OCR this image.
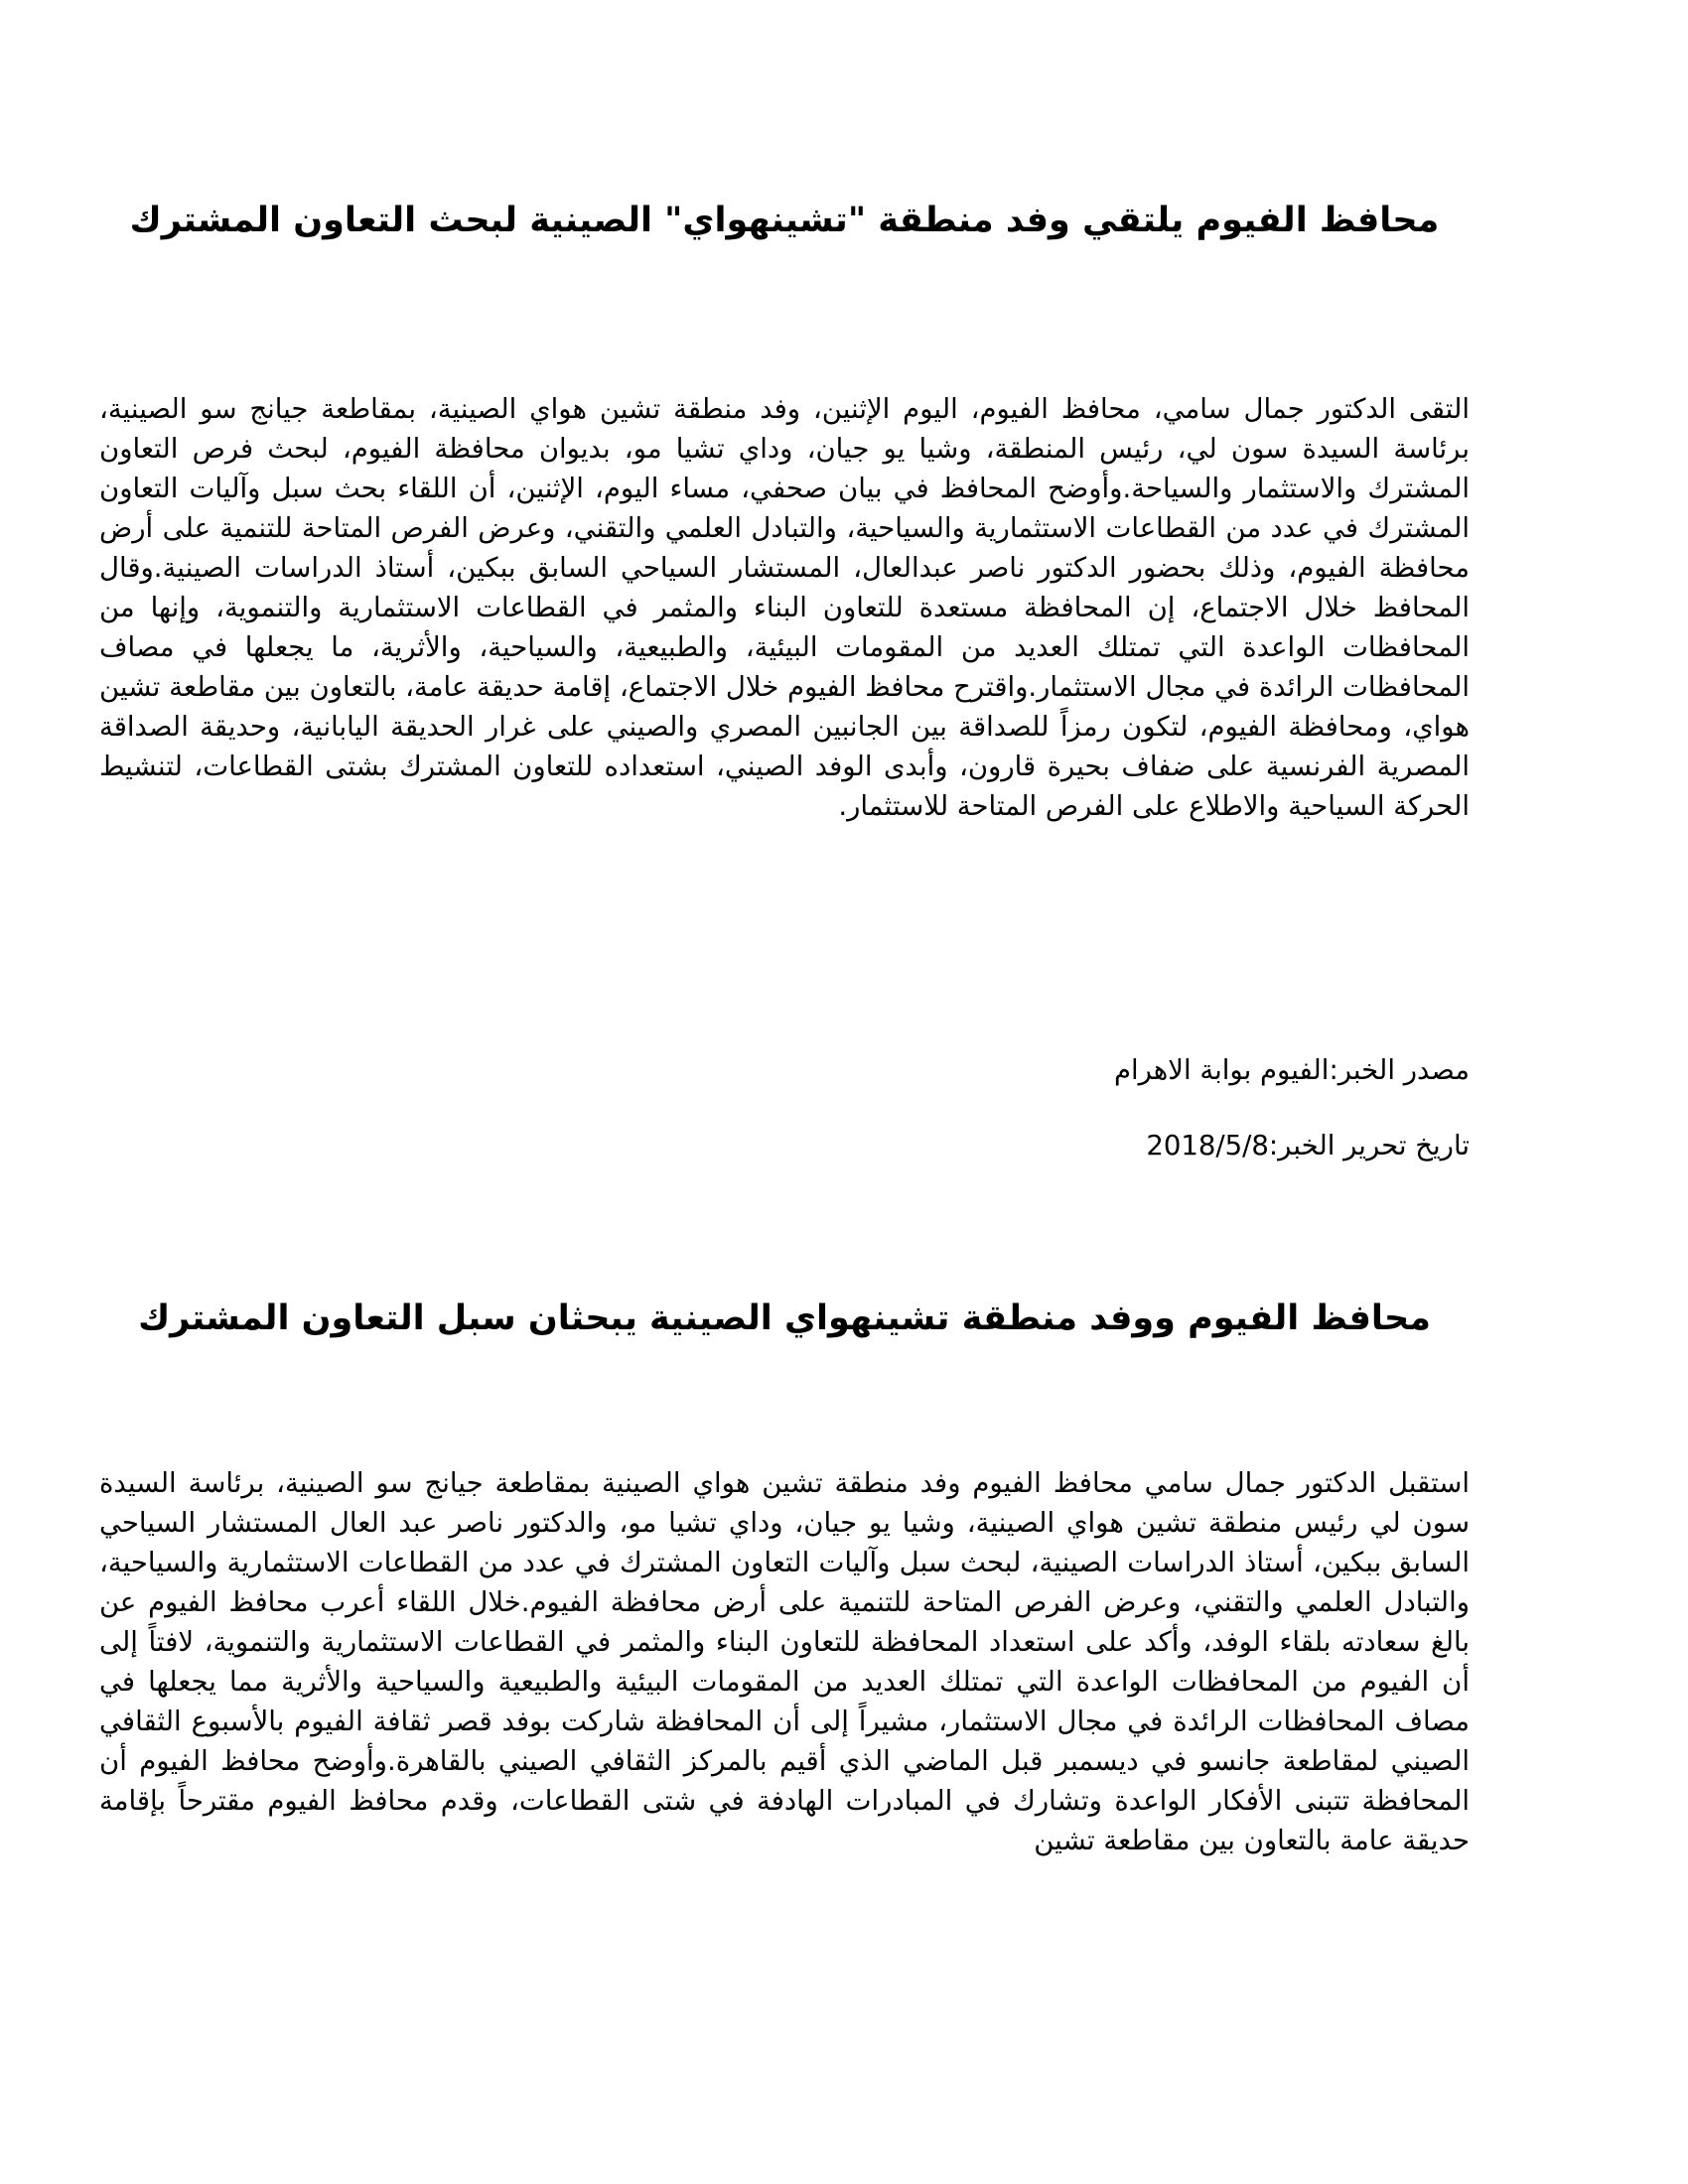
محافظ الفيوم يلتقي وفد منطقة "تشينهواي" الصينية لبحث التعاون المشترك

التقى الدكتور جمال سامي، محافظ الفيوم، اليوم الإثنين، وفد منطقة تشين هواي الصينية، بمقاطعة جيانج سو الصينية، برئاسة السيدة سون لي، رئيس المنطقة، وشيا يو جيان، وداي تشيا مو، بديوان محافظة الفيوم، لبحث فرص التعاون المشترك والاستثمار والسياحة.وأوضح المحافظ في بيان صحفي، مساء اليوم، الإثنين، أن اللقاء بحث سبل وآليات التعاون المشترك في عدد من القطاعات الاستثمارية والسياحية، والتبادل العلمي والتقني، وعرض الفرص المتاحة للتنمية على أرض محافظة الفيوم، وذلك بحضور الدكتور ناصر عبدالعال، المستشار السياحي السابق ببكين، أستاذ الدراسات الصينية.وقال المحافظ خلال الاجتماع، إن المحافظة مستعدة للتعاون البناء والمثمر في القطاعات الاستثمارية والتنموية، وإنها من المحافظات الواعدة التي تمتلك العديد من المقومات البيئية، والطبيعية، والسياحية، والأثرية، ما يجعلها في مصاف المحافظات الرائدة في مجال الاستثمار.واقترح محافظ الفيوم خلال الاجتماع، إقامة حديقة عامة، بالتعاون بين مقاطعة تشين هواي، ومحافظة الفيوم، لتكون رمزاً للصداقة بين الجانبين المصري والصيني على غرار الحديقة اليابانية، وحديقة الصداقة المصرية الفرنسية على ضفاف بحيرة قارون، وأبدى الوفد الصيني، استعداده للتعاون المشترك بشتى القطاعات، لتنشيط الحركة السياحية والاطلاع على الفرص المتاحة للاستثمار.

مصدر الخبر:الفيوم بوابة الاهرام

تاريخ تحرير الخبر:2018/5/8

محافظ الفيوم ووفد منطقة تشينهواي الصينية يبحثان سبل التعاون المشترك

استقبل الدكتور جمال سامي محافظ الفيوم وفد منطقة تشين هواي الصينية بمقاطعة جيانج سو الصينية، برئاسة السيدة سون لي رئيس منطقة تشين هواي الصينية، وشيا يو جيان، وداي تشيا مو، والدكتور ناصر عبد العال المستشار السياحي السابق ببكين، أستاذ الدراسات الصينية، لبحث سبل وآليات التعاون المشترك في عدد من القطاعات الاستثمارية والسياحية، والتبادل العلمي والتقني، وعرض الفرص المتاحة للتنمية على أرض محافظة الفيوم.خلال اللقاء أعرب محافظ الفيوم عن بالغ سعادته بلقاء الوفد، وأكد على استعداد المحافظة للتعاون البناء والمثمر في القطاعات الاستثمارية والتنموية، لافتاً إلى أن الفيوم من المحافظات الواعدة التي تمتلك العديد من المقومات البيئية والطبيعية والسياحية والأثرية مما يجعلها في مصاف المحافظات الرائدة في مجال الاستثمار، مشيراً إلى أن المحافظة شاركت بوفد قصر ثقافة الفيوم بالأسبوع الثقافي الصيني لمقاطعة جانسو في ديسمبر قبل الماضي الذي أقيم بالمركز الثقافي الصيني بالقاهرة.وأوضح محافظ الفيوم أن المحافظة تتبنى الأفكار الواعدة وتشارك في المبادرات الهادفة في شتى القطاعات، وقدم محافظ الفيوم مقترحاً بإقامة حديقة عامة بالتعاون بين مقاطعة تشين
